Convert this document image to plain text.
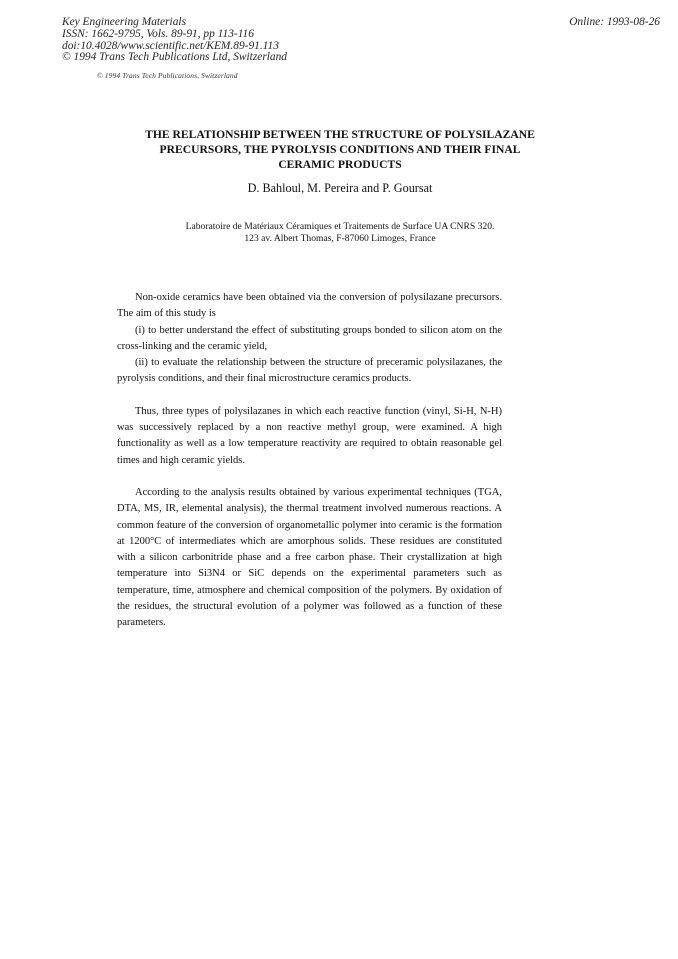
Key Engineering Materials
ISSN: 1662-9795, Vols. 89-91, pp 113-116
doi:10.4028/www.scientific.net/KEM.89-91.113
© 1994 Trans Tech Publications Ltd, Switzerland
Online: 1993-08-26
© 1994 Trans Tech Publications, Switzerland
THE RELATIONSHIP BETWEEN THE STRUCTURE OF POLYSILAZANE
PRECURSORS, THE PYROLYSIS CONDITIONS AND THEIR FINAL
CERAMIC PRODUCTS
D. Bahloul, M. Pereira and P. Goursat
Laboratoire de Matériaux Céramiques et Traitements de Surface UA CNRS 320.
123 av. Albert Thomas, F-87060 Limoges, France

Non-oxide ceramics have been obtained via the conversion of polysilazane precursors. The aim of this study is

(i) to better understand the effect of substituting groups bonded to silicon atom on the cross-linking and the ceramic yield,

(ii) to evaluate the relationship between the structure of preceramic polysilazanes, the pyrolysis conditions, and their final microstructure ceramics products.

Thus, three types of polysilazanes in which each reactive function (vinyl, Si-H, N-H) was successively replaced by a non reactive methyl group, were examined. A high functionality as well as a low temperature reactivity are required to obtain reasonable gel times and high ceramic yields.

According to the analysis results obtained by various experimental techniques (TGA, DTA, MS, IR, elemental analysis), the thermal treatment involved numerous reactions. A common feature of the conversion of organometallic polymer into ceramic is the formation at 1200°C of intermediates which are amorphous solids. These residues are constituted with a silicon carbonitride phase and a free carbon phase. Their crystallization at high temperature into Si3N4 or SiC depends on the experimental parameters such as temperature, time, atmosphere and chemical composition of the polymers. By oxidation of the residues, the structural evolution of a polymer was followed as a function of these parameters.
